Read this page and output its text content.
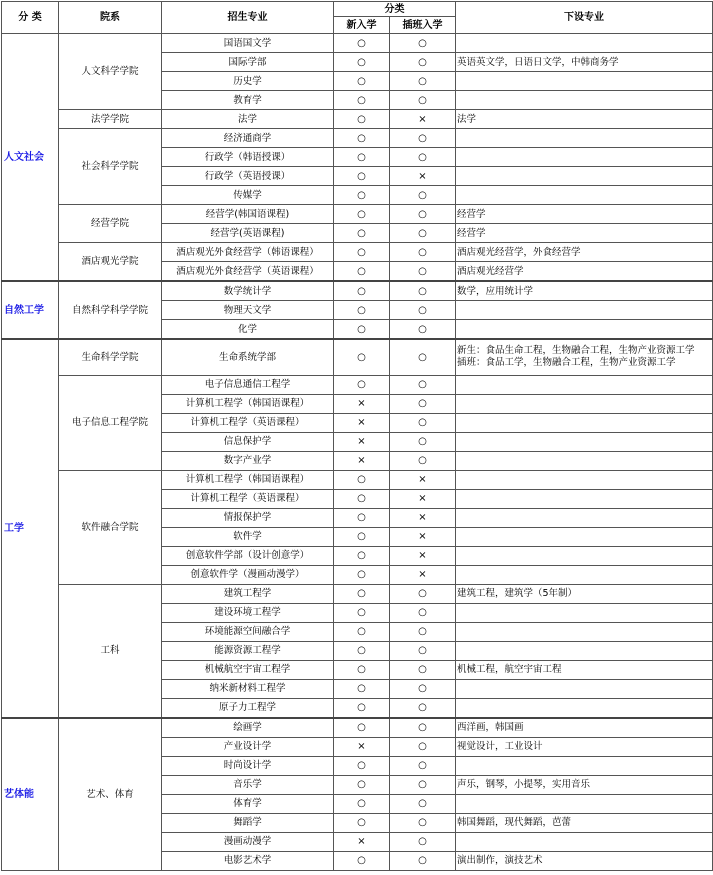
分 类	院系	招生专业	分类		下设专业
			新入学	插班入学	
人文社会	人文科学学院	国语国文学	○	○	
		国际学部	○	○	英语英文学，日语日文学，中韩商务学
		历史学	○	○	
		教育学	○	○	
	法学学院	法学	○	×	法学
	社会科学学院	经济通商学	○	○	
		行政学（韩语授课）	○	○	
		行政学（英语授课）	○	×	
		传媒学	○	○	
	经营学院	经营学(韩国语课程)	○	○	经营学
		经营学(英语课程)	○	○	经营学
	酒店观光学院	酒店观光外食经营学（韩语课程）	○	○	酒店观光经营学，外食经营学
		酒店观光外食经营学（英语课程）	○	○	酒店观光经营学
自然工学	自然科学科学学院	数学统计学	○	○	数学，应用统计学
		物理天文学	○	○	
		化学	○	○	
工学	生命科学学院	生命系统学部	○	○	新生：食品生命工程，生物融合工程，生物产业资源工学
插班：食品工学，生物融合工程，生物产业资源工学

	电子信息工程学院	电子信息通信工程学	○	○	
		计算机工程学（韩国语课程）	×	○	
		计算机工程学（英语课程）	×	○	
		信息保护学	×	○	
		数字产业学	×	○	
	软件融合学院	计算机工程学（韩国语课程）	○	×	
		计算机工程学（英语课程）	○	×	
		情报保护学	○	×	
		软件学	○	×	
		创意软件学部（设计创意学）	○	×	
		创意软件学（漫画动漫学）	○	×	
	工科	建筑工程学	○	○	建筑工程，建筑学（5年制）
		建设环境工程学	○	○	
		环境能源空间融合学	○	○	
		能源资源工程学	○	○	
		机械航空宇宙工程学	○	○	机械工程，航空宇宙工程
		纳米新材料工程学	○	○	
		原子力工程学	○	○	
艺体能	艺术、体育	绘画学	○	○	西洋画，韩国画
		产业设计学	×	○	视觉设计，工业设计
		时尚设计学	○	○	
		音乐学	○	○	声乐，钢琴，小提琴，实用音乐
		体育学	○	○	
		舞蹈学	○	○	韩国舞蹈，现代舞蹈，芭蕾
		漫画动漫学	×	○	
		电影艺术学	○	○	演出制作，演技艺术
